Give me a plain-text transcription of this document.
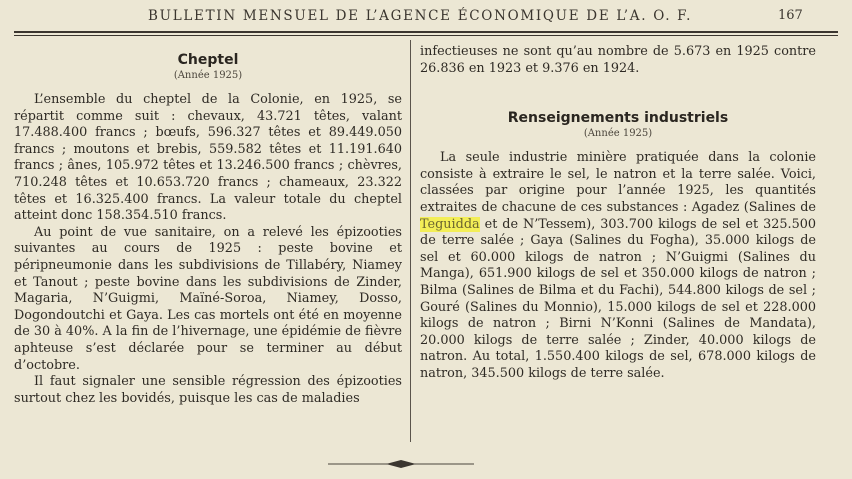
BULLETIN MENSUEL DE L’AGENCE ÉCONOMIQUE DE L’A. O. F.	167

Cheptel

(Année 1925)

L’ensemble du cheptel de la Colonie, en 1925, se répartit comme suit : chevaux, 43.721 têtes, valant 17.488.400 francs ; bœufs, 596.327 têtes et 89.449.050 francs ; moutons et brebis, 559.582 têtes et 11.191.640 francs ; ânes, 105.972 têtes et 13.246.500 francs ; chèvres, 710.248 têtes et 10.653.720 francs ; chameaux, 23.322 têtes et 16.325.400 francs. La valeur totale du cheptel atteint donc 158.354.510 francs.

Au point de vue sanitaire, on a relevé les épizooties suivantes au cours de 1925 : peste bovine et péripneumonie dans les subdivisions de Tillabéry, Niamey et Tanout ; peste bovine dans les subdivisions de Zinder, Magaria, N’Guigmi, Maïné-Soroa, Niamey, Dosso, Dogondoutchi et Gaya. Les cas mortels ont été en moyenne de 30 à 40%. A la fin de l’hivernage, une épidémie de fièvre aphteuse s’est déclarée pour se terminer au début d’octobre.

Il faut signaler une sensible régression des épizooties surtout chez les bovidés, puisque les cas de maladies

infectieuses ne sont qu’au nombre de 5.673 en 1925 contre 26.836 en 1923 et 9.376 en 1924.

Renseignements industriels

(Année 1925)

La seule industrie minière pratiquée dans la colonie consiste à extraire le sel, le natron et la terre salée. Voici, classées par origine pour l’année 1925, les quantités extraites de chacune de ces substances : Agadez (Salines de Teguidda et de N’Tessem), 303.700 kilogs de sel et 325.500 de terre salée ; Gaya (Salines du Fogha), 35.000 kilogs de sel et 60.000 kilogs de natron ; N’Guigmi (Salines du Manga), 651.900 kilogs de sel et 350.000 kilogs de natron ; Bilma (Salines de Bilma et du Fachi), 544.800 kilogs de sel ; Gouré (Salines du Monnio), 15.000 kilogs de sel et 228.000 kilogs de natron ; Birni N’Konni (Salines de Mandata), 20.000 kilogs de terre salée ; Zinder, 40.000 kilogs de natron. Au total, 1.550.400 kilogs de sel, 678.000 kilogs de natron, 345.500 kilogs de terre salée.
